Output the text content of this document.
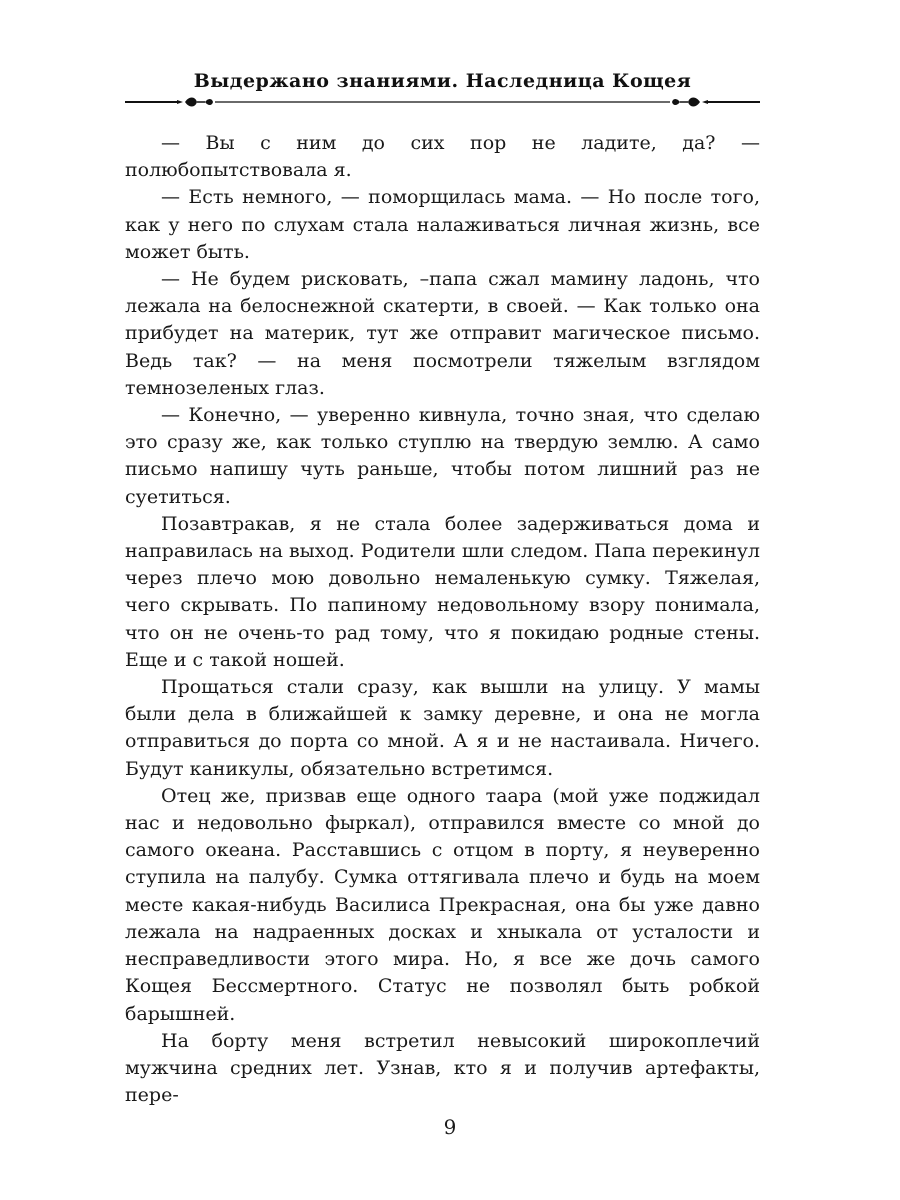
Выдержано знаниями. Наследница Кощея

— Вы с ним до сих пор не ладите, да? — полюбопытствовала я.

— Есть немного, — поморщилась мама. — Но после того, как у него по слухам стала налаживаться личная жизнь, все может быть.

— Не будем рисковать, –папа сжал мамину ладонь, что лежала на белоснежной скатерти, в своей. — Как только она прибудет на материк, тут же отправит магическое письмо. Ведь так? — на меня посмотрели тяжелым взглядом темнозеленых глаз.

— Конечно, — уверенно кивнула, точно зная, что сделаю это сразу же, как только ступлю на твердую землю. А само письмо напишу чуть раньше, чтобы потом лишний раз не суетиться.

Позавтракав, я не стала более задерживаться дома и направилась на выход. Родители шли следом. Папа перекинул через плечо мою довольно немаленькую сумку. Тяжелая, чего скрывать. По папиному недовольному взору понимала, что он не очень-то рад тому, что я покидаю родные стены. Еще и с такой ношей.

Прощаться стали сразу, как вышли на улицу. У мамы были дела в ближайшей к замку деревне, и она не могла отправиться до порта со мной. А я и не настаивала. Ничего. Будут каникулы, обязательно встретимся.

Отец же, призвав еще одного таара (мой уже поджидал нас и недовольно фыркал), отправился вместе со мной до самого океана. Расставшись с отцом в порту, я неуверенно ступила на палубу. Сумка оттягивала плечо и будь на моем месте какая-нибудь Василиса Прекрасная, она бы уже давно лежала на надраенных досках и хныкала от усталости и несправедливости этого мира. Но, я все же дочь самого Кощея Бессмертного. Статус не позволял быть робкой барышней.

На борту меня встретил невысокий широкоплечий мужчина средних лет. Узнав, кто я и получив артефакты, пере-

9
